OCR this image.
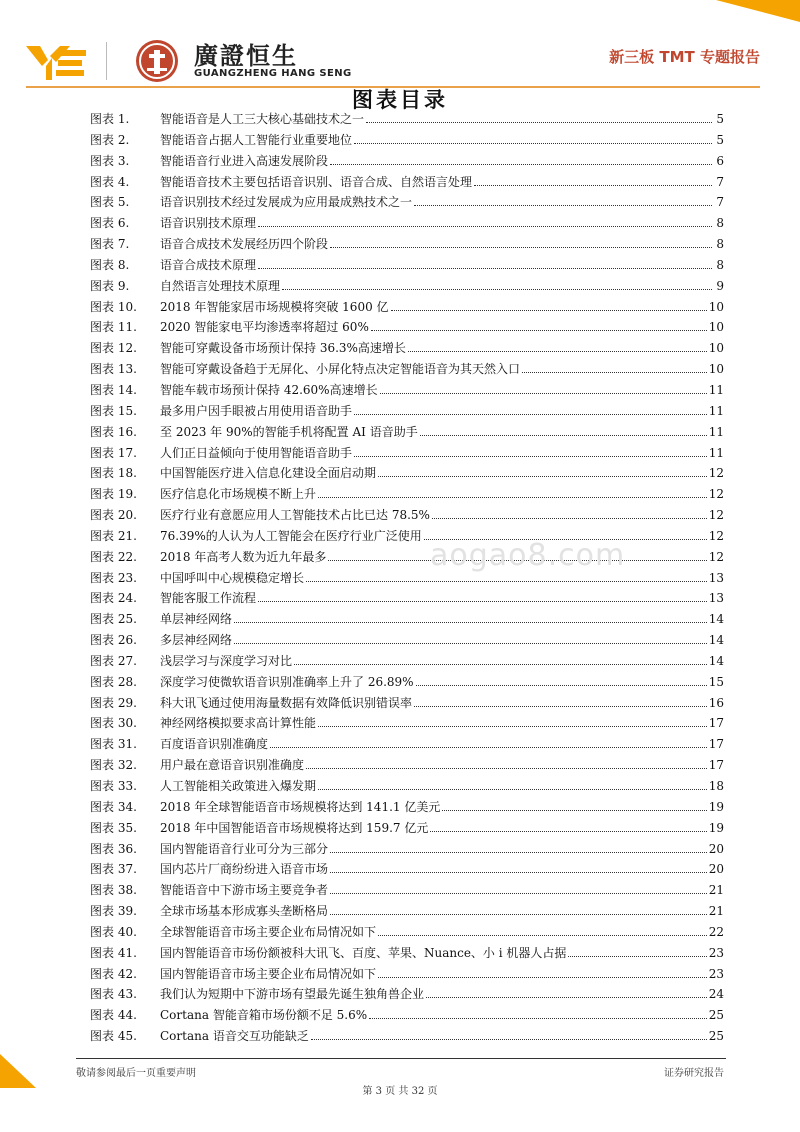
廣證恒生
GUANGZHENG HANG SENG
新三板 TMT 专题报告
图表目录
图表 1.	智能语音是人工三大核心基础技术之一	5
图表 2.	智能语音占据人工智能行业重要地位	5
图表 3.	智能语音行业进入高速发展阶段	6
图表 4.	智能语音技术主要包括语音识别、语音合成、自然语言处理	7
图表 5.	语音识别技术经过发展成为应用最成熟技术之一	7
图表 6.	语音识别技术原理	8
图表 7.	语音合成技术发展经历四个阶段	8
图表 8.	语音合成技术原理	8
图表 9.	自然语言处理技术原理	9
图表 10.	2018 年智能家居市场规模将突破 1600 亿	10
图表 11.	2020 智能家电平均渗透率将超过 60%	10
图表 12.	智能可穿戴设备市场预计保持 36.3%高速增长	10
图表 13.	智能可穿戴设备趋于无屏化、小屏化特点决定智能语音为其天然入口	10
图表 14.	智能车载市场预计保持 42.60%高速增长	11
图表 15.	最多用户因手眼被占用使用语音助手	11
图表 16.	至 2023 年 90%的智能手机将配置 AI 语音助手	11
图表 17.	人们正日益倾向于使用智能语音助手	11
图表 18.	中国智能医疗进入信息化建设全面启动期	12
图表 19.	医疗信息化市场规模不断上升	12
图表 20.	医疗行业有意愿应用人工智能技术占比已达 78.5%	12
图表 21.	76.39%的人认为人工智能会在医疗行业广泛使用	12
图表 22.	2018 年高考人数为近九年最多	12
图表 23.	中国呼叫中心规模稳定增长	13
图表 24.	智能客服工作流程	13
图表 25.	单层神经网络	14
图表 26.	多层神经网络	14
图表 27.	浅层学习与深度学习对比	14
图表 28.	深度学习使微软语音识别准确率上升了 26.89%	15
图表 29.	科大讯飞通过使用海量数据有效降低识别错误率	16
图表 30.	神经网络模拟要求高计算性能	17
图表 31.	百度语音识别准确度	17
图表 32.	用户最在意语音识别准确度	17
图表 33.	人工智能相关政策进入爆发期	18
图表 34.	2018 年全球智能语音市场规模将达到 141.1 亿美元	19
图表 35.	2018 年中国智能语音市场规模将达到 159.7 亿元	19
图表 36.	国内智能语音行业可分为三部分	20
图表 37.	国内芯片厂商纷纷进入语音市场	20
图表 38.	智能语音中下游市场主要竞争者	21
图表 39.	全球市场基本形成寡头垄断格局	21
图表 40.	全球智能语音市场主要企业布局情况如下	22
图表 41.	国内智能语音市场份额被科大讯飞、百度、苹果、Nuance、小 i 机器人占据	23
图表 42.	国内智能语音市场主要企业布局情况如下	23
图表 43.	我们认为短期中下游市场有望最先诞生独角兽企业	24
图表 44.	Cortana 智能音箱市场份额不足 5.6%	25
图表 45.	Cortana 语音交互功能缺乏	25
aogao8.com
敬请参阅最后一页重要声明	证券研究报告
第 3 页 共 32 页
